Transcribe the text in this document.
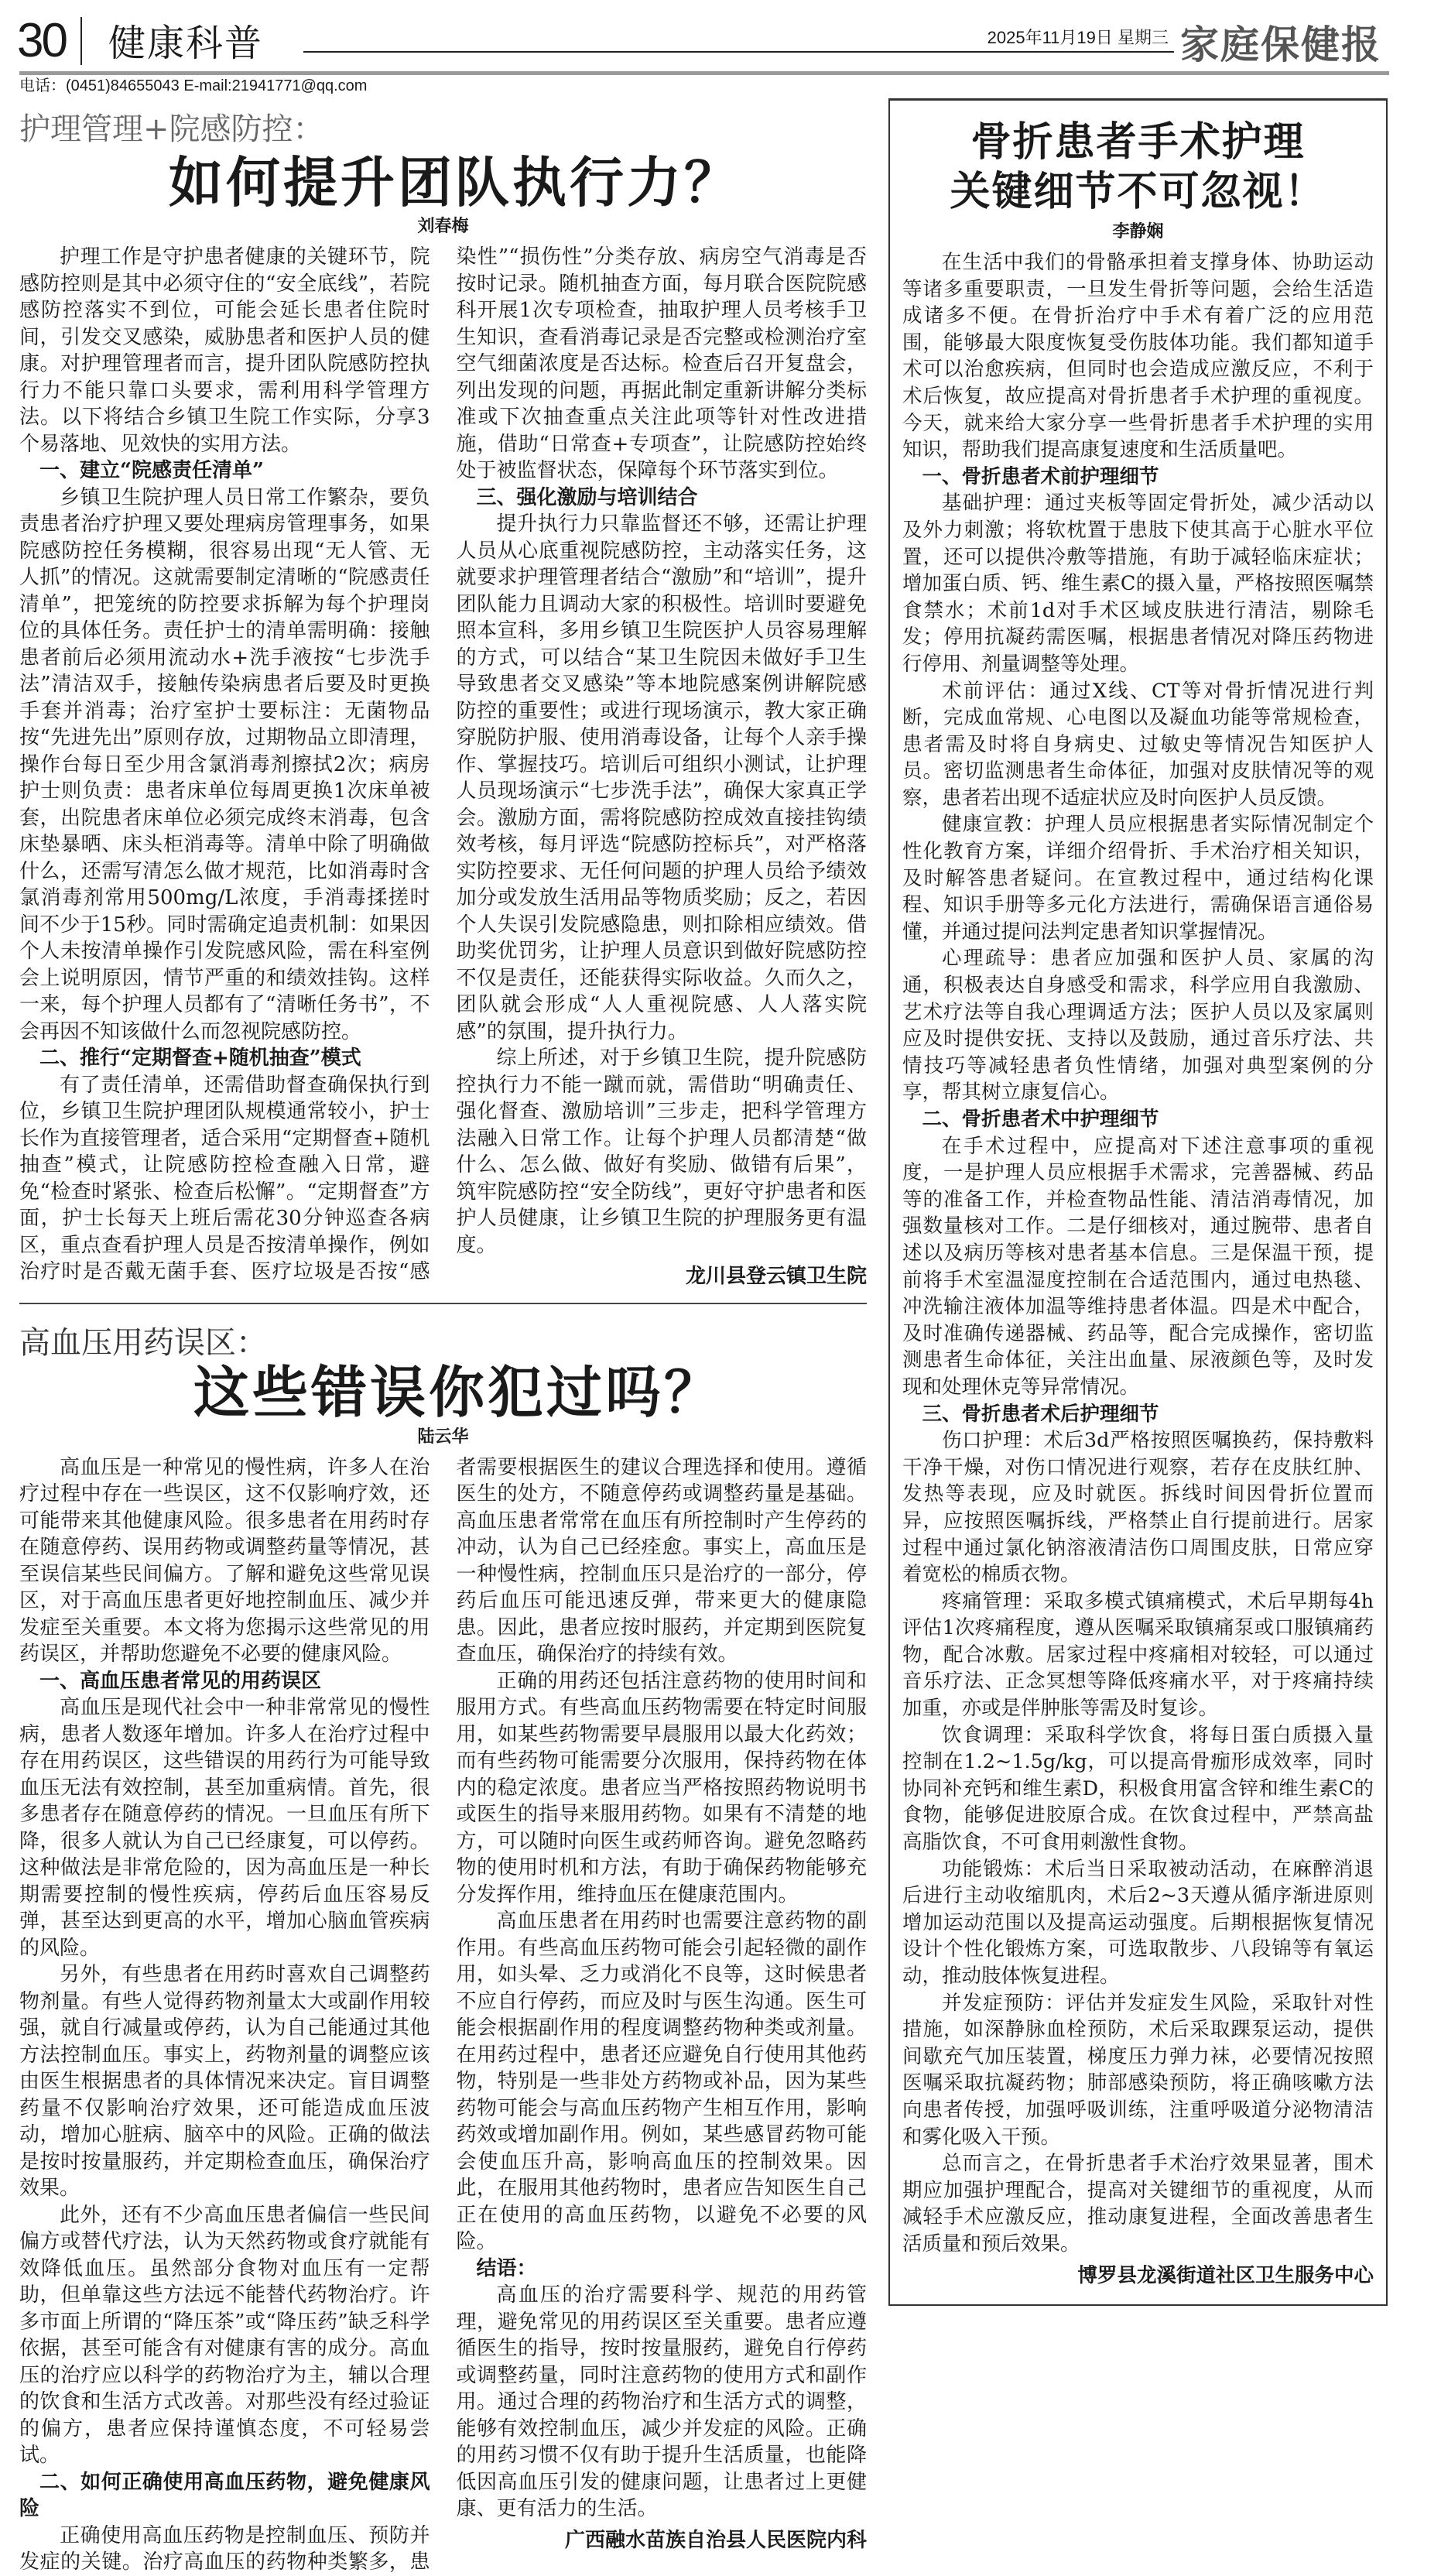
30 健康科普	2025年11月19日 星期三 家庭保健报
电话：(0451)84655043 E-mail:21941771@qq.com
护理管理+院感防控：
如何提升团队执行力？
刘春梅

护理工作是守护患者健康的关键环节，院感防控则是其中必须守住的“安全底线”，若院感防控落实不到位，可能会延长患者住院时间，引发交叉感染，威胁患者和医护人员的健康。对护理管理者而言，提升团队院感防控执行力不能只靠口头要求，需利用科学管理方法。以下将结合乡镇卫生院工作实际，分享3个易落地、见效快的实用方法。

一、建立“院感责任清单”

乡镇卫生院护理人员日常工作繁杂，要负责患者治疗护理又要处理病房管理事务，如果院感防控任务模糊，很容易出现“无人管、无人抓”的情况。这就需要制定清晰的“院感责任清单”，把笼统的防控要求拆解为每个护理岗位的具体任务。责任护士的清单需明确：接触患者前后必须用流动水+洗手液按“七步洗手法”清洁双手，接触传染病患者后要及时更换手套并消毒；治疗室护士要标注：无菌物品按“先进先出”原则存放，过期物品立即清理，操作台每日至少用含氯消毒剂擦拭2次；病房护士则负责：患者床单位每周更换1次床单被套，出院患者床单位必须完成终末消毒，包含床垫暴晒、床头柜消毒等。清单中除了明确做什么，还需写清怎么做才规范，比如消毒时含氯消毒剂常用500mg/L浓度，手消毒揉搓时间不少于15秒。同时需确定追责机制：如果因个人未按清单操作引发院感风险，需在科室例会上说明原因，情节严重的和绩效挂钩。这样一来，每个护理人员都有了“清晰任务书”，不会再因不知该做什么而忽视院感防控。

二、推行“定期督查+随机抽查”模式

有了责任清单，还需借助督查确保执行到位，乡镇卫生院护理团队规模通常较小，护士长作为直接管理者，适合采用“定期督查+随机抽查”模式，让院感防控检查融入日常，避免“检查时紧张、检查后松懈”。“定期督查”方面，护士长每天上班后需花30分钟巡查各病区，重点查看护理人员是否按清单操作，例如治疗时是否戴无菌手套、医疗垃圾是否按“感染性”“损伤性”分类存放、病房空气消毒是否按时记录。随机抽查方面，每月联合医院院感科开展1次专项检查，抽取护理人员考核手卫生知识，查看消毒记录是否完整或检测治疗室空气细菌浓度是否达标。检查后召开复盘会，列出发现的问题，再据此制定重新讲解分类标准或下次抽查重点关注此项等针对性改进措施，借助“日常查+专项查”，让院感防控始终处于被监督状态，保障每个环节落实到位。

三、强化激励与培训结合

提升执行力只靠监督还不够，还需让护理人员从心底重视院感防控，主动落实任务，这就要求护理管理者结合“激励”和“培训”，提升团队能力且调动大家的积极性。培训时要避免照本宣科，多用乡镇卫生院医护人员容易理解的方式，可以结合“某卫生院因未做好手卫生导致患者交叉感染”等本地院感案例讲解院感防控的重要性；或进行现场演示，教大家正确穿脱防护服、使用消毒设备，让每个人亲手操作、掌握技巧。培训后可组织小测试，让护理人员现场演示“七步洗手法”，确保大家真正学会。激励方面，需将院感防控成效直接挂钩绩效考核，每月评选“院感防控标兵”，对严格落实防控要求、无任何问题的护理人员给予绩效加分或发放生活用品等物质奖励；反之，若因个人失误引发院感隐患，则扣除相应绩效。借助奖优罚劣，让护理人员意识到做好院感防控不仅是责任，还能获得实际收益。久而久之，团队就会形成“人人重视院感、人人落实院感”的氛围，提升执行力。

综上所述，对于乡镇卫生院，提升院感防控执行力不能一蹴而就，需借助“明确责任、强化督查、激励培训”三步走，把科学管理方法融入日常工作。让每个护理人员都清楚“做什么、怎么做、做好有奖励、做错有后果”，筑牢院感防控“安全防线”，更好守护患者和医护人员健康，让乡镇卫生院的护理服务更有温度。

龙川县登云镇卫生院

高血压用药误区：
这些错误你犯过吗？
陆云华

高血压是一种常见的慢性病，许多人在治疗过程中存在一些误区，这不仅影响疗效，还可能带来其他健康风险。很多患者在用药时存在随意停药、误用药物或调整药量等情况，甚至误信某些民间偏方。了解和避免这些常见误区，对于高血压患者更好地控制血压、减少并发症至关重要。本文将为您揭示这些常见的用药误区，并帮助您避免不必要的健康风险。

一、高血压患者常见的用药误区

高血压是现代社会中一种非常常见的慢性病，患者人数逐年增加。许多人在治疗过程中存在用药误区，这些错误的用药行为可能导致血压无法有效控制，甚至加重病情。首先，很多患者存在随意停药的情况。一旦血压有所下降，很多人就认为自己已经康复，可以停药。这种做法是非常危险的，因为高血压是一种长期需要控制的慢性疾病，停药后血压容易反弹，甚至达到更高的水平，增加心脑血管疾病的风险。

另外，有些患者在用药时喜欢自己调整药物剂量。有些人觉得药物剂量太大或副作用较强，就自行减量或停药，认为自己能通过其他方法控制血压。事实上，药物剂量的调整应该由医生根据患者的具体情况来决定。盲目调整药量不仅影响治疗效果，还可能造成血压波动，增加心脏病、脑卒中的风险。正确的做法是按时按量服药，并定期检查血压，确保治疗效果。

此外，还有不少高血压患者偏信一些民间偏方或替代疗法，认为天然药物或食疗就能有效降低血压。虽然部分食物对血压有一定帮助，但单靠这些方法远不能替代药物治疗。许多市面上所谓的“降压茶”或“降压药”缺乏科学依据，甚至可能含有对健康有害的成分。高血压的治疗应以科学的药物治疗为主，辅以合理的饮食和生活方式改善。对那些没有经过验证的偏方，患者应保持谨慎态度，不可轻易尝试。

二、如何正确使用高血压药物，避免健康风险

正确使用高血压药物是控制血压、预防并发症的关键。治疗高血压的药物种类繁多，患者需要根据医生的建议合理选择和使用。遵循医生的处方，不随意停药或调整药量是基础。高血压患者常常在血压有所控制时产生停药的冲动，认为自己已经痊愈。事实上，高血压是一种慢性病，控制血压只是治疗的一部分，停药后血压可能迅速反弹，带来更大的健康隐患。因此，患者应按时服药，并定期到医院复查血压，确保治疗的持续有效。

正确的用药还包括注意药物的使用时间和服用方式。有些高血压药物需要在特定时间服用，如某些药物需要早晨服用以最大化药效；而有些药物可能需要分次服用，保持药物在体内的稳定浓度。患者应当严格按照药物说明书或医生的指导来服用药物。如果有不清楚的地方，可以随时向医生或药师咨询。避免忽略药物的使用时机和方法，有助于确保药物能够充分发挥作用，维持血压在健康范围内。

高血压患者在用药时也需要注意药物的副作用。有些高血压药物可能会引起轻微的副作用，如头晕、乏力或消化不良等，这时候患者不应自行停药，而应及时与医生沟通。医生可能会根据副作用的程度调整药物种类或剂量。在用药过程中，患者还应避免自行使用其他药物，特别是一些非处方药物或补品，因为某些药物可能会与高血压药物产生相互作用，影响药效或增加副作用。例如，某些感冒药物可能会使血压升高，影响高血压的控制效果。因此，在服用其他药物时，患者应告知医生自己正在使用的高血压药物，以避免不必要的风险。

结语：

高血压的治疗需要科学、规范的用药管理，避免常见的用药误区至关重要。患者应遵循医生的指导，按时按量服药，避免自行停药或调整药量，同时注意药物的使用方式和副作用。通过合理的药物治疗和生活方式的调整，能够有效控制血压，减少并发症的风险。正确的用药习惯不仅有助于提升生活质量，也能降低因高血压引发的健康问题，让患者过上更健康、更有活力的生活。

广西融水苗族自治县人民医院内科

骨折患者手术护理
关键细节不可忽视！
李静娴

在生活中我们的骨骼承担着支撑身体、协助运动等诸多重要职责，一旦发生骨折等问题，会给生活造成诸多不便。在骨折治疗中手术有着广泛的应用范围，能够最大限度恢复受伤肢体功能。我们都知道手术可以治愈疾病，但同时也会造成应激反应，不利于术后恢复，故应提高对骨折患者手术护理的重视度。今天，就来给大家分享一些骨折患者手术护理的实用知识，帮助我们提高康复速度和生活质量吧。

一、骨折患者术前护理细节

基础护理：通过夹板等固定骨折处，减少活动以及外力刺激；将软枕置于患肢下使其高于心脏水平位置，还可以提供冷敷等措施，有助于减轻临床症状；增加蛋白质、钙、维生素C的摄入量，严格按照医嘱禁食禁水；术前1d对手术区域皮肤进行清洁，剔除毛发；停用抗凝药需医嘱，根据患者情况对降压药物进行停用、剂量调整等处理。

术前评估：通过X线、CT等对骨折情况进行判断，完成血常规、心电图以及凝血功能等常规检查，患者需及时将自身病史、过敏史等情况告知医护人员。密切监测患者生命体征，加强对皮肤情况等的观察，患者若出现不适症状应及时向医护人员反馈。

健康宣教：护理人员应根据患者实际情况制定个性化教育方案，详细介绍骨折、手术治疗相关知识，及时解答患者疑问。在宣教过程中，通过结构化课程、知识手册等多元化方法进行，需确保语言通俗易懂，并通过提问法判定患者知识掌握情况。

心理疏导：患者应加强和医护人员、家属的沟通，积极表达自身感受和需求，科学应用自我激励、艺术疗法等自我心理调适方法；医护人员以及家属则应及时提供安抚、支持以及鼓励，通过音乐疗法、共情技巧等减轻患者负性情绪，加强对典型案例的分享，帮其树立康复信心。

二、骨折患者术中护理细节

在手术过程中，应提高对下述注意事项的重视度，一是护理人员应根据手术需求，完善器械、药品等的准备工作，并检查物品性能、清洁消毒情况，加强数量核对工作。二是仔细核对，通过腕带、患者自述以及病历等核对患者基本信息。三是保温干预，提前将手术室温湿度控制在合适范围内，通过电热毯、冲洗输注液体加温等维持患者体温。四是术中配合，及时准确传递器械、药品等，配合完成操作，密切监测患者生命体征，关注出血量、尿液颜色等，及时发现和处理休克等异常情况。

三、骨折患者术后护理细节

伤口护理：术后3d严格按照医嘱换药，保持敷料干净干燥，对伤口情况进行观察，若存在皮肤红肿、发热等表现，应及时就医。拆线时间因骨折位置而异，应按照医嘱拆线，严格禁止自行提前进行。居家过程中通过氯化钠溶液清洁伤口周围皮肤，日常应穿着宽松的棉质衣物。

疼痛管理：采取多模式镇痛模式，术后早期每4h评估1次疼痛程度，遵从医嘱采取镇痛泵或口服镇痛药物，配合冰敷。居家过程中疼痛相对较轻，可以通过音乐疗法、正念冥想等降低疼痛水平，对于疼痛持续加重，亦或是伴肿胀等需及时复诊。

饮食调理：采取科学饮食，将每日蛋白质摄入量控制在1.2~1.5g/kg，可以提高骨痂形成效率，同时协同补充钙和维生素D，积极食用富含锌和维生素C的食物，能够促进胶原合成。在饮食过程中，严禁高盐高脂饮食，不可食用刺激性食物。

功能锻炼：术后当日采取被动活动，在麻醉消退后进行主动收缩肌肉，术后2~3天遵从循序渐进原则增加运动范围以及提高运动强度。后期根据恢复情况设计个性化锻炼方案，可选取散步、八段锦等有氧运动，推动肢体恢复进程。

并发症预防：评估并发症发生风险，采取针对性措施，如深静脉血栓预防，术后采取踝泵运动，提供间歇充气加压装置，梯度压力弹力袜，必要情况按照医嘱采取抗凝药物；肺部感染预防，将正确咳嗽方法向患者传授，加强呼吸训练，注重呼吸道分泌物清洁和雾化吸入干预。

总而言之，在骨折患者手术治疗效果显著，围术期应加强护理配合，提高对关键细节的重视度，从而减轻手术应激反应，推动康复进程，全面改善患者生活质量和预后效果。

博罗县龙溪街道社区卫生服务中心
